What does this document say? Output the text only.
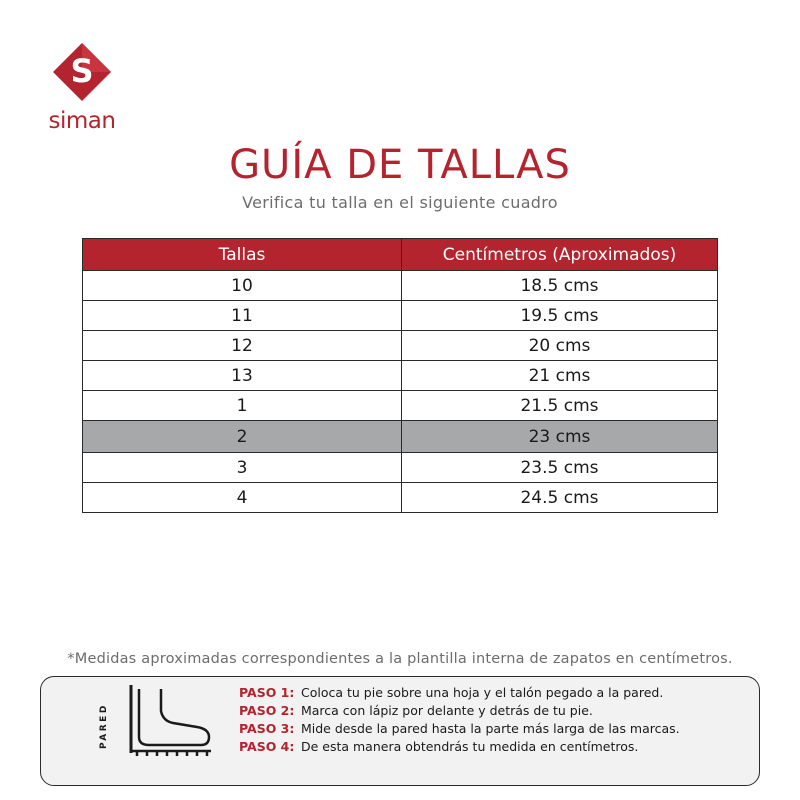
S
siman
GUÍA DE TALLAS
Verifica tu talla en el siguiente cuadro
Tallas	Centímetros (Aproximados)
10	18.5 cms
11	19.5 cms
12	20 cms
13	21 cms
1	21.5 cms
2	23 cms
3	23.5 cms
4	24.5 cms
*Medidas aproximadas correspondientes a la plantilla interna de zapatos en centímetros.
PARED
PASO 1: Coloca tu pie sobre una hoja y el talón pegado a la pared.
PASO 2: Marca con lápiz por delante y detrás de tu pie.
PASO 3: Mide desde la pared hasta la parte más larga de las marcas.
PASO 4: De esta manera obtendrás tu medida en centímetros.
